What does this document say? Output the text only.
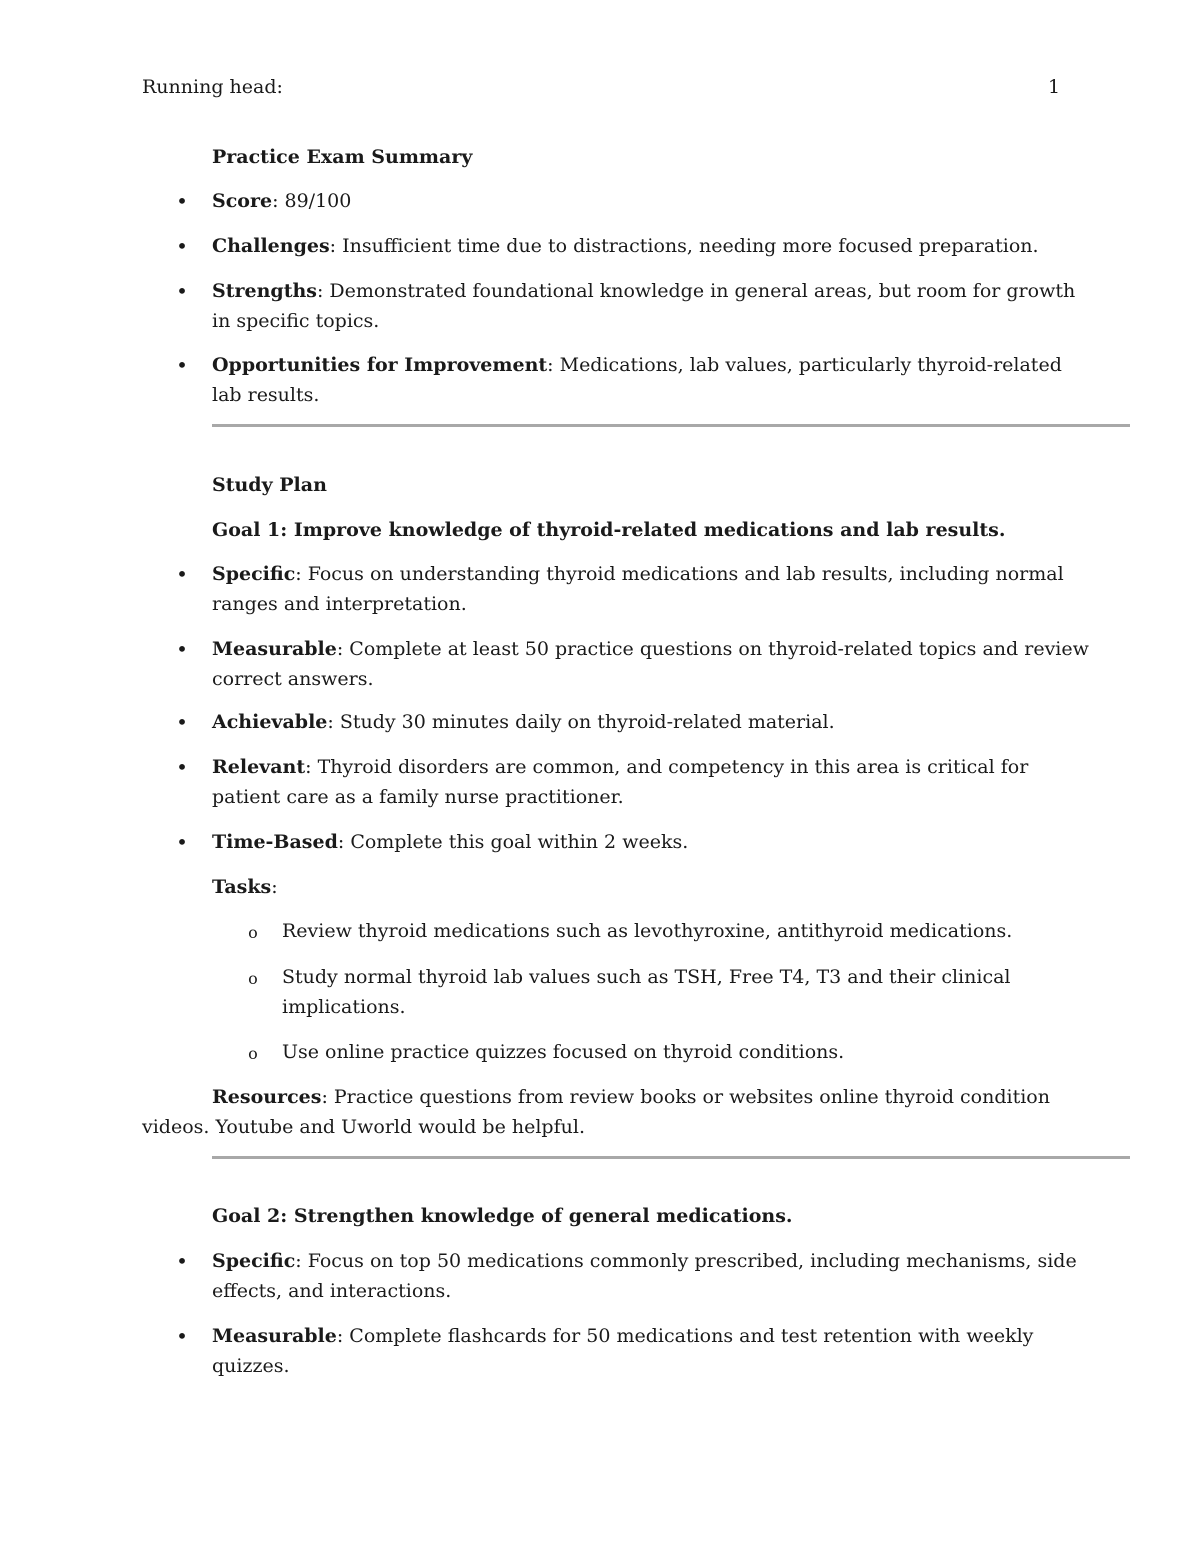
Running head:	1
Practice Exam Summary
• Score: 89/100
• Challenges: Insufficient time due to distractions, needing more focused preparation.
• Strengths: Demonstrated foundational knowledge in general areas, but room for growth
in specific topics.
• Opportunities for Improvement: Medications, lab values, particularly thyroid-related
lab results.
Study Plan
Goal 1: Improve knowledge of thyroid-related medications and lab results.
• Specific: Focus on understanding thyroid medications and lab results, including normal
ranges and interpretation.
• Measurable: Complete at least 50 practice questions on thyroid-related topics and review
correct answers.
• Achievable: Study 30 minutes daily on thyroid-related material.
• Relevant: Thyroid disorders are common, and competency in this area is critical for
patient care as a family nurse practitioner.
• Time-Based: Complete this goal within 2 weeks.
Tasks:
o Review thyroid medications such as levothyroxine, antithyroid medications.
o Study normal thyroid lab values such as TSH, Free T4, T3 and their clinical
implications.
o Use online practice quizzes focused on thyroid conditions.
Resources: Practice questions from review books or websites online thyroid condition
videos. Youtube and Uworld would be helpful.
Goal 2: Strengthen knowledge of general medications.
• Specific: Focus on top 50 medications commonly prescribed, including mechanisms, side
effects, and interactions.
• Measurable: Complete flashcards for 50 medications and test retention with weekly
quizzes.
